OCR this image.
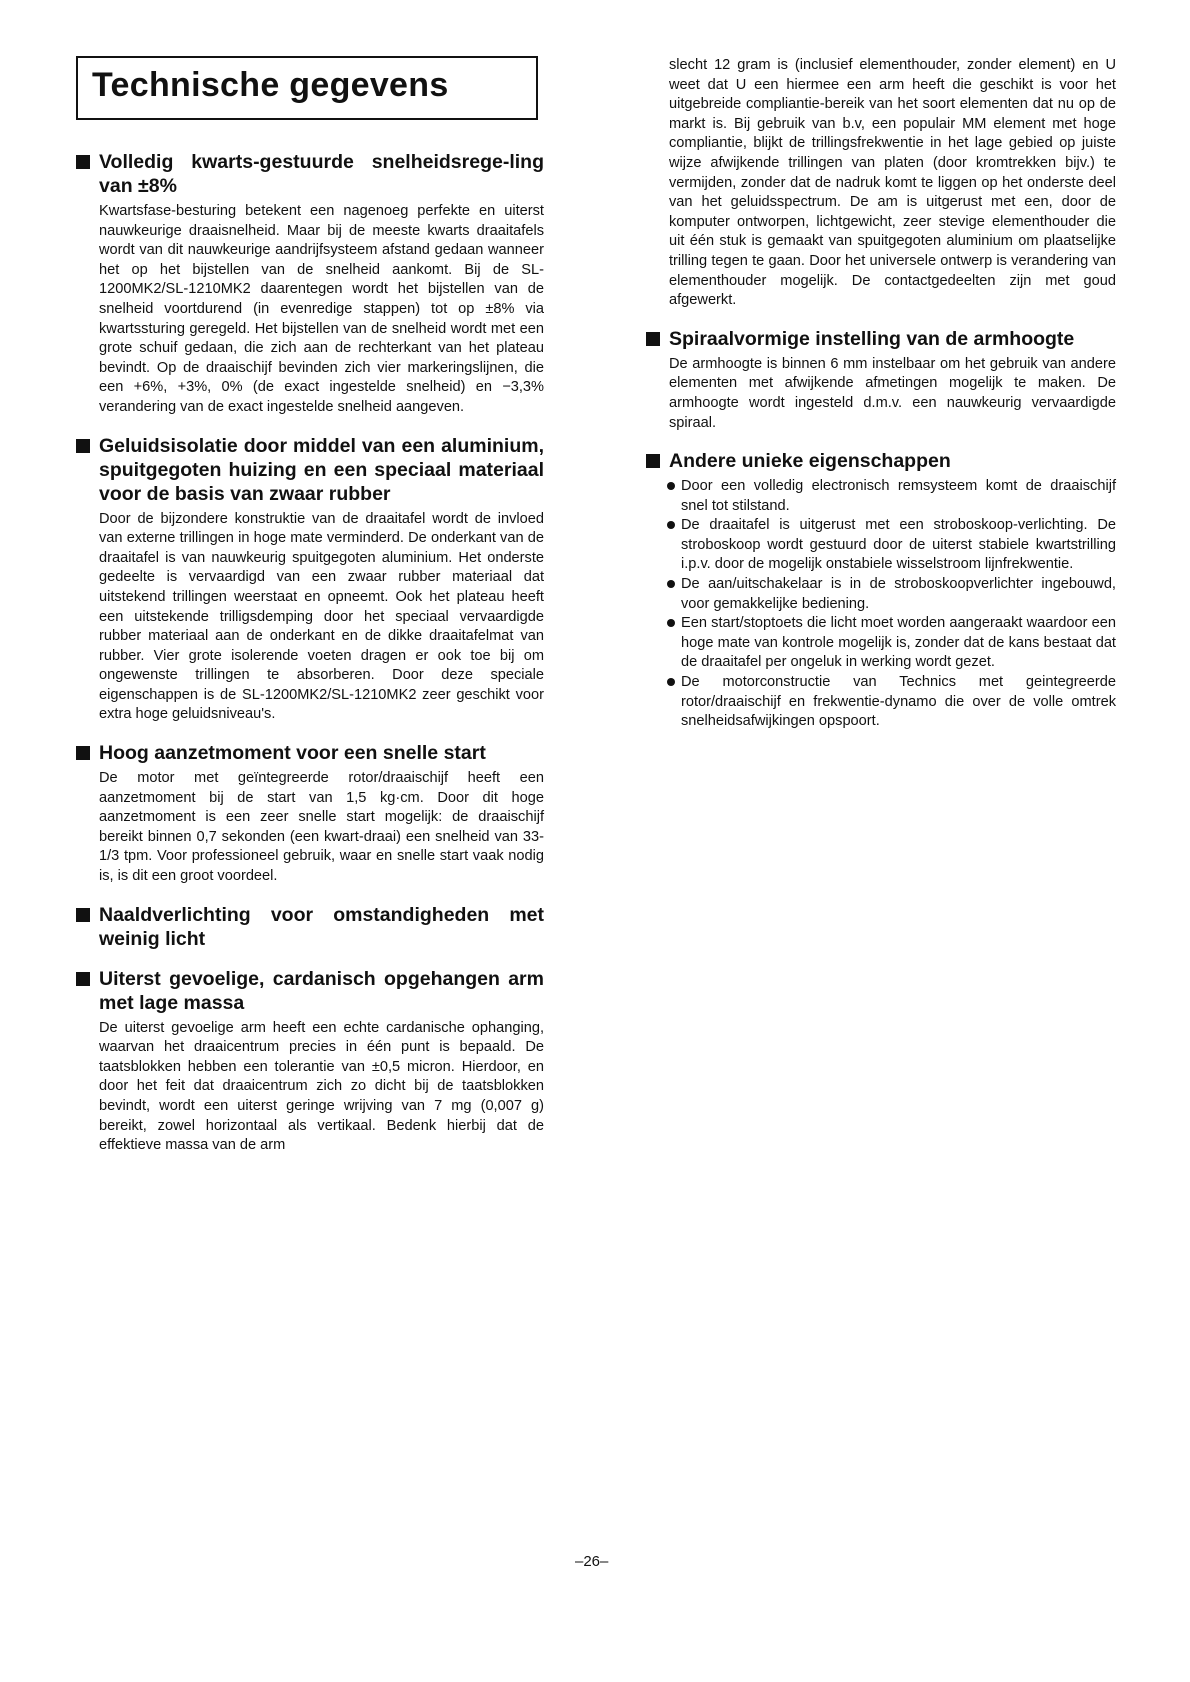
Technische gegevens
Volledig kwarts-gestuurde snelheidsrege-ling van ±8%

Kwartsfase-besturing betekent een nagenoeg perfekte en uiterst nauwkeurige draaisnelheid. Maar bij de meeste kwarts draaitafels wordt van dit nauwkeurige aandrijfsysteem afstand gedaan wanneer het op het bijstellen van de snelheid aankomt. Bij de SL-1200MK2/SL-1210MK2 daarentegen wordt het bijstellen van de snelheid voortdurend (in evenredige stappen) tot op ±8% via kwartssturing geregeld. Het bijstellen van de snelheid wordt met een grote schuif gedaan, die zich aan de rechterkant van het plateau bevindt. Op de draaischijf bevinden zich vier markeringslijnen, die een +6%, +3%, 0% (de exact ingestelde snelheid) en −3,3% verandering van de exact ingestelde snelheid aangeven.

Geluidsisolatie door middel van een aluminium, spuitgegoten huizing en een speciaal materiaal voor de basis van zwaar rubber

Door de bijzondere konstruktie van de draaitafel wordt de invloed van externe trillingen in hoge mate verminderd. De onderkant van de draaitafel is van nauwkeurig spuitgegoten aluminium. Het onderste gedeelte is vervaardigd van een zwaar rubber materiaal dat uitstekend trillingen weerstaat en opneemt. Ook het plateau heeft een uitstekende trilligsdemping door het speciaal vervaardigde rubber materiaal aan de onderkant en de dikke draaitafelmat van rubber. Vier grote isolerende voeten dragen er ook toe bij om ongewenste trillingen te absorberen. Door deze speciale eigenschappen is de SL-1200MK2/SL-1210MK2 zeer geschikt voor extra hoge geluidsniveau's.

Hoog aanzetmoment voor een snelle start

De motor met geïntegreerde rotor/draaischijf heeft een aanzetmoment bij de start van 1,5 kg·cm. Door dit hoge aanzetmoment is een zeer snelle start mogelijk: de draaischijf bereikt binnen 0,7 sekonden (een kwart-draai) een snelheid van 33-1/3 tpm. Voor professioneel gebruik, waar en snelle start vaak nodig is, is dit een groot voordeel.

Naaldverlichting voor omstandigheden met weinig licht
Uiterst gevoelige, cardanisch opgehangen arm met lage massa

De uiterst gevoelige arm heeft een echte cardanische ophanging, waarvan het draaicentrum precies in één punt is bepaald. De taatsblokken hebben een tolerantie van ±0,5 micron. Hierdoor, en door het feit dat draaicentrum zich zo dicht bij de taatsblokken bevindt, wordt een uiterst geringe wrijving van 7 mg (0,007 g) bereikt, zowel horizontaal als vertikaal. Bedenk hierbij dat de effektieve massa van de arm

slecht 12 gram is (inclusief elementhouder, zonder element) en U weet dat U een hiermee een arm heeft die geschikt is voor het uitgebreide compliantie-bereik van het soort elementen dat nu op de markt is. Bij gebruik van b.v, een populair MM element met hoge compliantie, blijkt de trillingsfrekwentie in het lage gebied op juiste wijze afwijkende trillingen van platen (door kromtrekken bijv.) te vermijden, zonder dat de nadruk komt te liggen op het onderste deel van het geluidsspectrum. De am is uitgerust met een, door de komputer ontworpen, lichtgewicht, zeer stevige elementhouder die uit één stuk is gemaakt van spuitgegoten aluminium om plaatselijke trilling tegen te gaan. Door het universele ontwerp is verandering van elementhouder mogelijk. De contactgedeelten zijn met goud afgewerkt.

Spiraalvormige instelling van de armhoogte

De armhoogte is binnen 6 mm instelbaar om het gebruik van andere elementen met afwijkende afmetingen mogelijk te maken. De armhoogte wordt ingesteld d.m.v. een nauwkeurig vervaardigde spiraal.

Andere unieke eigenschappen
Door een volledig electronisch remsysteem komt de draaischijf snel tot stilstand.
De draaitafel is uitgerust met een stroboskoop-verlichting. De stroboskoop wordt gestuurd door de uiterst stabiele kwartstrilling i.p.v. door de mogelijk onstabiele wisselstroom lijnfrekwentie.
De aan/uitschakelaar is in de stroboskoopverlichter ingebouwd, voor gemakkelijke bediening.
Een start/stoptoets die licht moet worden aangeraakt waardoor een hoge mate van kontrole mogelijk is, zonder dat de kans bestaat dat de draaitafel per ongeluk in werking wordt gezet.
De motorconstructie van Technics met geintegreerde rotor/draaischijf en frekwentie-dynamo die over de volle omtrek snelheidsafwijkingen opspoort.
–26–
